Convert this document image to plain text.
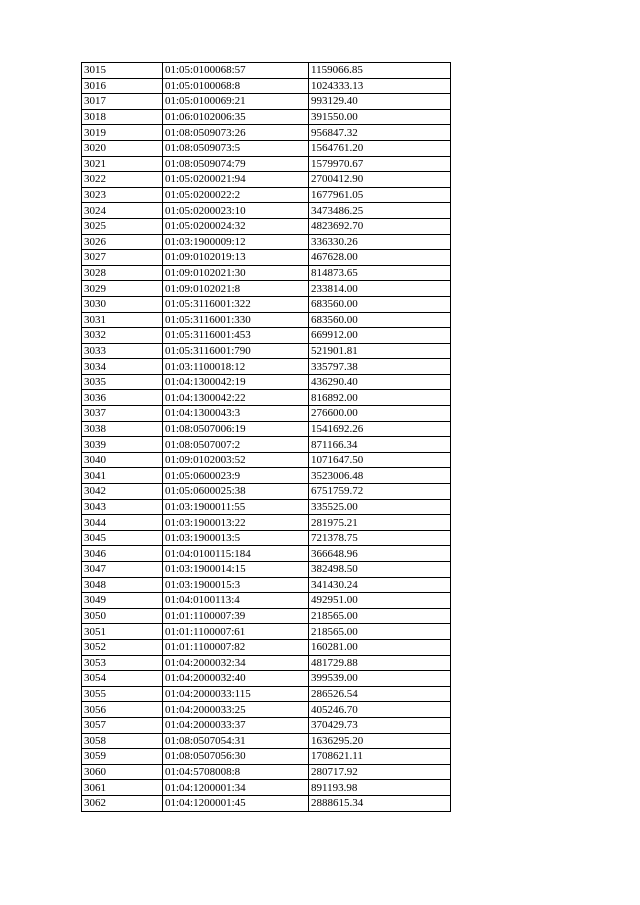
3015	01:05:0100068:57	1159066.85
3016	01:05:0100068:8	1024333.13
3017	01:05:0100069:21	993129.40
3018	01:06:0102006:35	391550.00
3019	01:08:0509073:26	956847.32
3020	01:08:0509073:5	1564761.20
3021	01:08:0509074:79	1579970.67
3022	01:05:0200021:94	2700412.90
3023	01:05:0200022:2	1677961.05
3024	01:05:0200023:10	3473486.25
3025	01:05:0200024:32	4823692.70
3026	01:03:1900009:12	336330.26
3027	01:09:0102019:13	467628.00
3028	01:09:0102021:30	814873.65
3029	01:09:0102021:8	233814.00
3030	01:05:3116001:322	683560.00
3031	01:05:3116001:330	683560.00
3032	01:05:3116001:453	669912.00
3033	01:05:3116001:790	521901.81
3034	01:03:1100018:12	335797.38
3035	01:04:1300042:19	436290.40
3036	01:04:1300042:22	816892.00
3037	01:04:1300043:3	276600.00
3038	01:08:0507006:19	1541692.26
3039	01:08:0507007:2	871166.34
3040	01:09:0102003:52	1071647.50
3041	01:05:0600023:9	3523006.48
3042	01:05:0600025:38	6751759.72
3043	01:03:1900011:55	335525.00
3044	01:03:1900013:22	281975.21
3045	01:03:1900013:5	721378.75
3046	01:04:0100115:184	366648.96
3047	01:03:1900014:15	382498.50
3048	01:03:1900015:3	341430.24
3049	01:04:0100113:4	492951.00
3050	01:01:1100007:39	218565.00
3051	01:01:1100007:61	218565.00
3052	01:01:1100007:82	160281.00
3053	01:04:2000032:34	481729.88
3054	01:04:2000032:40	399539.00
3055	01:04:2000033:115	286526.54
3056	01:04:2000033:25	405246.70
3057	01:04:2000033:37	370429.73
3058	01:08:0507054:31	1636295.20
3059	01:08:0507056:30	1708621.11
3060	01:04:5708008:8	280717.92
3061	01:04:1200001:34	891193.98
3062	01:04:1200001:45	2888615.34
